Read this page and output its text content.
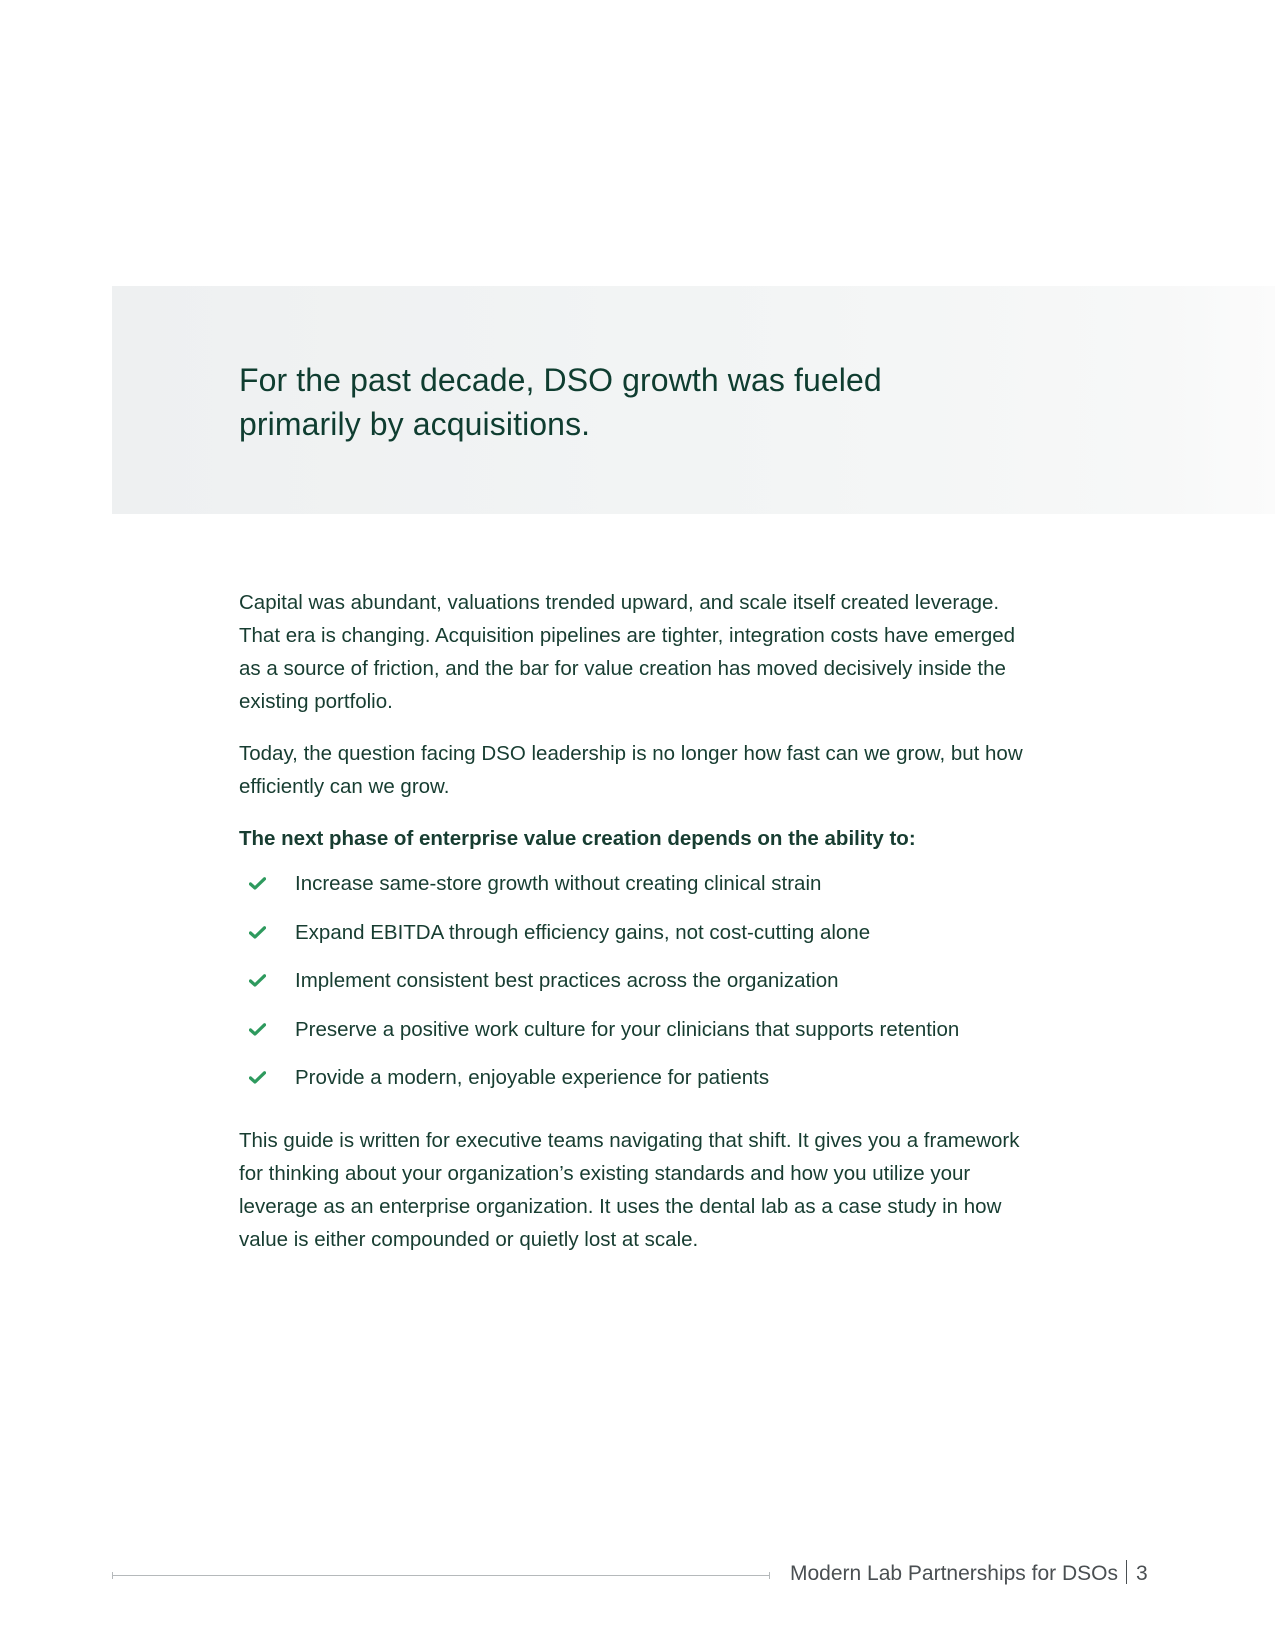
For the past decade, DSO growth was fueled primarily by acquisitions.

Capital was abundant, valuations trended upward, and scale itself created leverage. That era is changing. Acquisition pipelines are tighter, integration costs have emerged as a source of friction, and the bar for value creation has moved decisively inside the existing portfolio.

Today, the question facing DSO leadership is no longer how fast can we grow, but how efficiently can we grow.

The next phase of enterprise value creation depends on the ability to:

Increase same-store growth without creating clinical strain
Expand EBITDA through efficiency gains, not cost-cutting alone
Implement consistent best practices across the organization
Preserve a positive work culture for your clinicians that supports retention
Provide a modern, enjoyable experience for patients

This guide is written for executive teams navigating that shift. It gives you a framework for thinking about your organization’s existing standards and how you utilize your leverage as an enterprise organization. It uses the dental lab as a case study in how value is either compounded or quietly lost at scale.

Modern Lab Partnerships for DSOs 3
